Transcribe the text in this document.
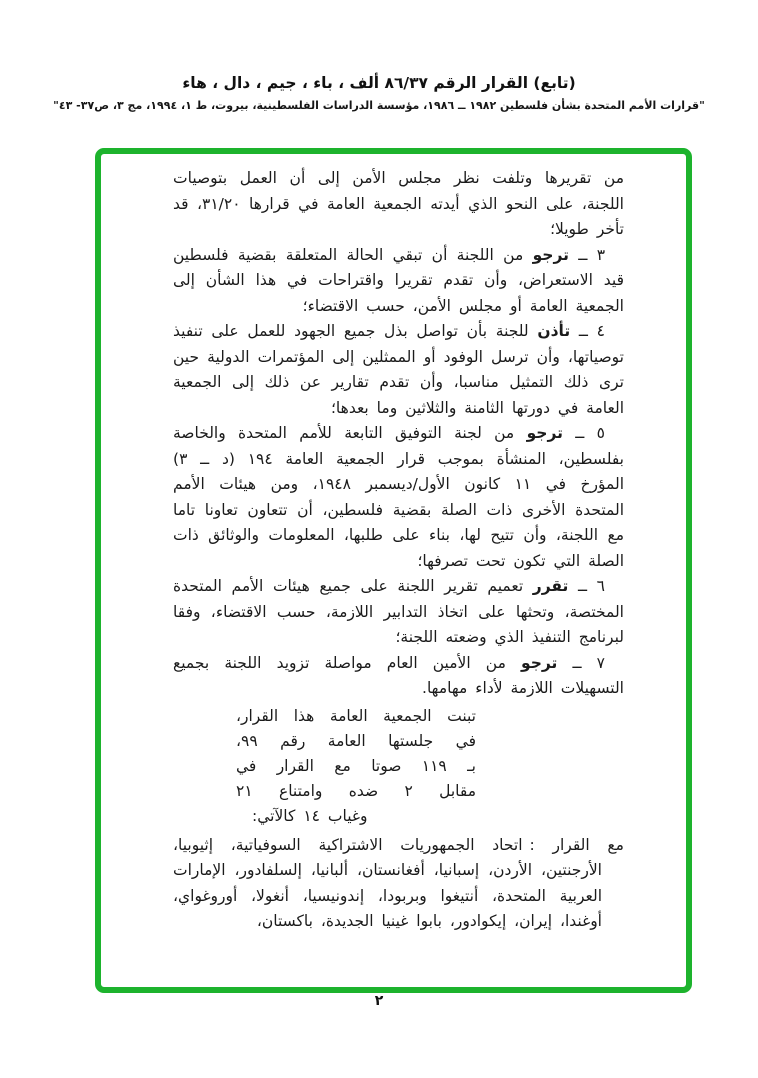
(تابع) القرار الرقم ٨٦/٣٧ ألف ، باء ، جيم ، دال ، هاء
"قرارات الأمم المتحدة بشأن فلسطين ١٩٨٢ ــ ١٩٨٦، مؤسسة الدراسات الفلسطينية، بيروت، ط ١، ١٩٩٤، مج ٣، ص٣٧- ٤٣"

من تقريرها وتلفت نظر مجلس الأمن إلى أن العمل بتوصيات اللجنة، على النحو الذي أيدته الجمعية العامة في قرارها ٣١/٢٠، قد تأخر طويلا؛

٣ ــ ترجو من اللجنة أن تبقي الحالة المتعلقة بقضية فلسطين قيد الاستعراض، وأن تقدم تقريرا واقتراحات في هذا الشأن إلى الجمعية العامة أو مجلس الأمن، حسب الاقتضاء؛

٤ ــ تأذن للجنة بأن تواصل بذل جميع الجهود للعمل على تنفيذ توصياتها، وأن ترسل الوفود أو الممثلين إلى المؤتمرات الدولية حين ترى ذلك التمثيل مناسبا، وأن تقدم تقارير عن ذلك إلى الجمعية العامة في دورتها الثامنة والثلاثين وما بعدها؛

٥ ــ ترجو من لجنة التوفيق التابعة للأمم المتحدة والخاصة بفلسطين، المنشأة بموجب قرار الجمعية العامة ١٩٤ (د ــ ٣) المؤرخ في ١١ كانون الأول/ديسمبر ١٩٤٨، ومن هيئات الأمم المتحدة الأخرى ذات الصلة بقضية فلسطين، أن تتعاون تعاونا تاما مع اللجنة، وأن تتيح لها، بناء على طلبها، المعلومات والوثائق ذات الصلة التي تكون تحت تصرفها؛

٦ ــ تقرر تعميم تقرير اللجنة على جميع هيئات الأمم المتحدة المختصة، وتحثها على اتخاذ التدابير اللازمة، حسب الاقتضاء، وفقا لبرنامج التنفيذ الذي وضعته اللجنة؛

٧ ــ ترجو من الأمين العام مواصلة تزويد اللجنة بجميع التسهيلات اللازمة لأداء مهامها.

تبنت الجمعية العامة هذا القرار،
في جلستها العامة رقم ٩٩،
بـ ١١٩ صوتا مع القرار في
مقابل ٢ ضده وامتناع ٢١
وغياب ١٤ كالآتي:

مع القرار :اتحاد الجمهوريات الاشتراكية السوفياتية، إثيوبيا، الأرجنتين، الأردن، إسبانيا، أفغانستان، ألبانيا، إلسلفادور، الإمارات العربية المتحدة، أنتيغوا وبربودا، إندونيسيا، أنغولا، أوروغواي، أوغندا، إيران، إيكوادور، بابوا غينيا الجديدة، باكستان،

٢
